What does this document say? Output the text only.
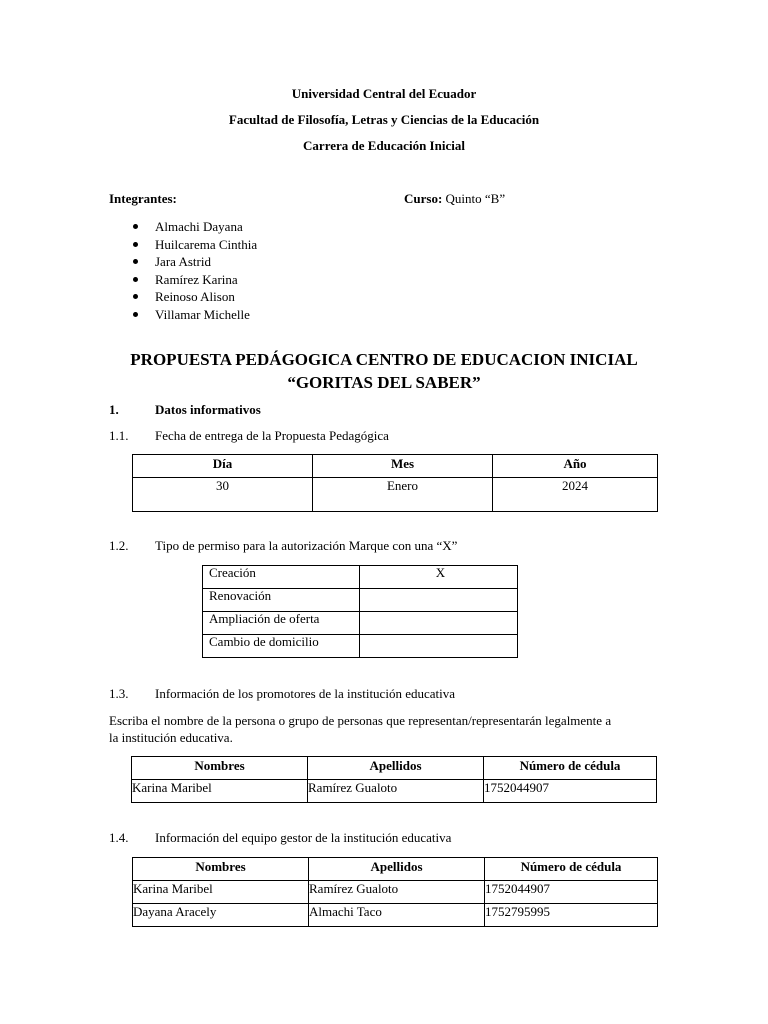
Universidad Central del Ecuador
Facultad de Filosofía, Letras y Ciencias de la Educación
Carrera de Educación Inicial
Integrantes:	Curso: Quinto “B”
Almachi Dayana
Huilcarema Cinthia
Jara Astrid
Ramírez Karina
Reinoso Alison
Villamar Michelle
PROPUESTA PEDÁGOGICA CENTRO DE EDUCACION INICIAL
“GORITAS DEL SABER”
1.	Datos informativos
1.1.	Fecha de entrega de la Propuesta Pedagógica
Día	Mes	Año
30	Enero	2024
1.2.	Tipo de permiso para la autorización Marque con una “X”
Creación	X
Renovación	
Ampliación de oferta	
Cambio de domicilio	
1.3.	Información de los promotores de la institución educativa
Escriba el nombre de la persona o grupo de personas que representan/representarán legalmente a
la institución educativa.
Nombres	Apellidos	Número de cédula
Karina Maribel	Ramírez Gualoto	1752044907
1.4.	Información del equipo gestor de la institución educativa
Nombres	Apellidos	Número de cédula
Karina Maribel	Ramírez Gualoto	1752044907
Dayana Aracely	Almachi Taco	1752795995
